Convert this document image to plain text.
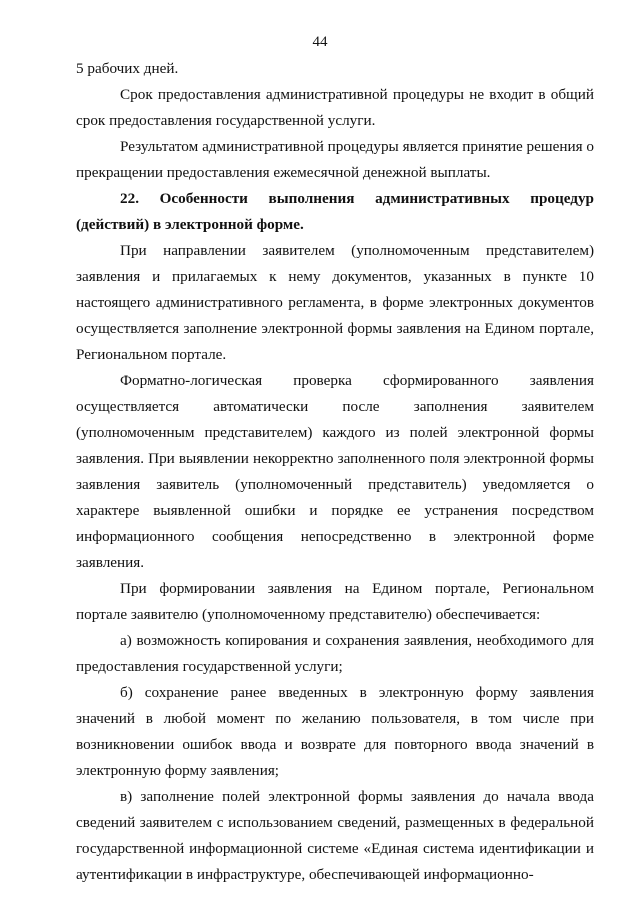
44

5 рабочих дней.

Срок предоставления административной процедуры не входит в общий срок предоставления государственной услуги.

Результатом административной процедуры является принятие решения о прекращении предоставления ежемесячной денежной выплаты.

22. Особенности выполнения административных процедур (действий) в электронной форме.

При направлении заявителем (уполномоченным представителем) заявления и прилагаемых к нему документов, указанных в пункте 10 настоящего административного регламента, в форме электронных документов осуществляется заполнение электронной формы заявления на Едином портале, Региональном портале.

Форматно-логическая проверка сформированного заявления осуществляется автоматически после заполнения заявителем (уполномоченным представителем) каждого из полей электронной формы заявления. При выявлении некорректно заполненного поля электронной формы заявления заявитель (уполномоченный представитель) уведомляется о характере выявленной ошибки и порядке ее устранения посредством информационного сообщения непосредственно в электронной форме заявления.

При формировании заявления на Едином портале, Региональном портале заявителю (уполномоченному представителю) обеспечивается:

а) возможность копирования и сохранения заявления, необходимого для предоставления государственной услуги;

б) сохранение ранее введенных в электронную форму заявления значений в любой момент по желанию пользователя, в том числе при возникновении ошибок ввода и возврате для повторного ввода значений в электронную форму заявления;

в) заполнение полей электронной формы заявления до начала ввода сведений заявителем с использованием сведений, размещенных в федеральной государственной информационной системе «Единая система идентификации и аутентификации в инфраструктуре, обеспечивающей информационно-
